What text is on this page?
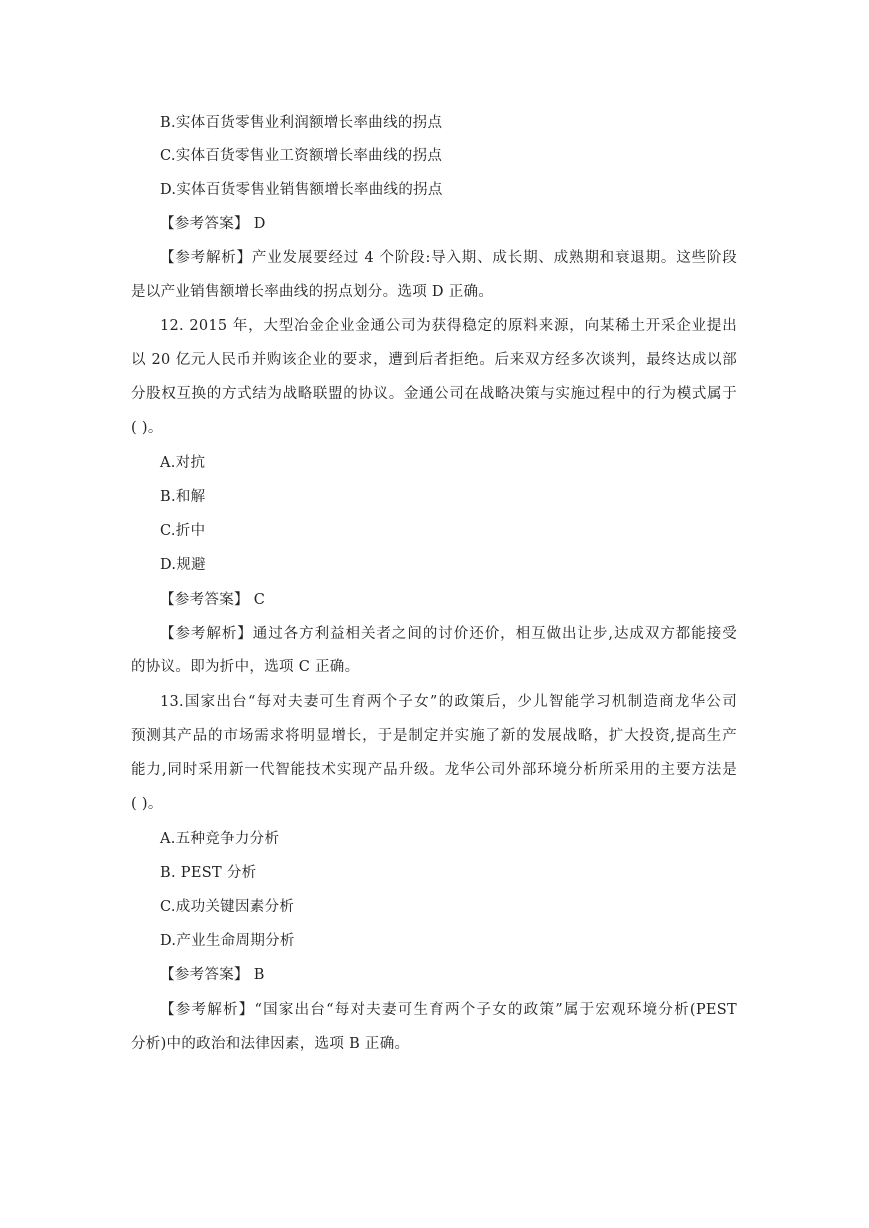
B.实体百货零售业利润额增长率曲线的拐点
C.实体百货零售业工资额增长率曲线的拐点
D.实体百货零售业销售额增长率曲线的拐点
【参考答案】 D
【参考解析】产业发展要经过 4 个阶段:导入期、成长期、成熟期和衰退期。这些阶段
是以产业销售额增长率曲线的拐点划分。选项 D 正确。
12. 2015 年，大型冶金企业金通公司为获得稳定的原料来源，向某稀土开采企业提出
以 20 亿元人民币并购该企业的要求，遭到后者拒绝。后来双方经多次谈判，最终达成以部
分股权互换的方式结为战略联盟的协议。金通公司在战略决策与实施过程中的行为模式属于
( )。
A.对抗
B.和解
C.折中
D.规避
【参考答案】 C
【参考解析】通过各方利益相关者之间的讨价还价，相互做出让步,达成双方都能接受
的协议。即为折中，选项 C 正确。
13.国家出台“每对夫妻可生育两个子女”的政策后，少儿智能学习机制造商龙华公司
预测其产品的市场需求将明显增长，于是制定并实施了新的发展战略，扩大投资,提高生产
能力,同时采用新一代智能技术实现产品升级。龙华公司外部环境分析所采用的主要方法是
( )。
A.五种竞争力分析
B. PEST 分析
C.成功关键因素分析
D.产业生命周期分析
【参考答案】 B
【参考解析】“国家出台“每对夫妻可生育两个子女的政策”属于宏观环境分析(PEST
分析)中的政治和法律因素，选项 B 正确。
